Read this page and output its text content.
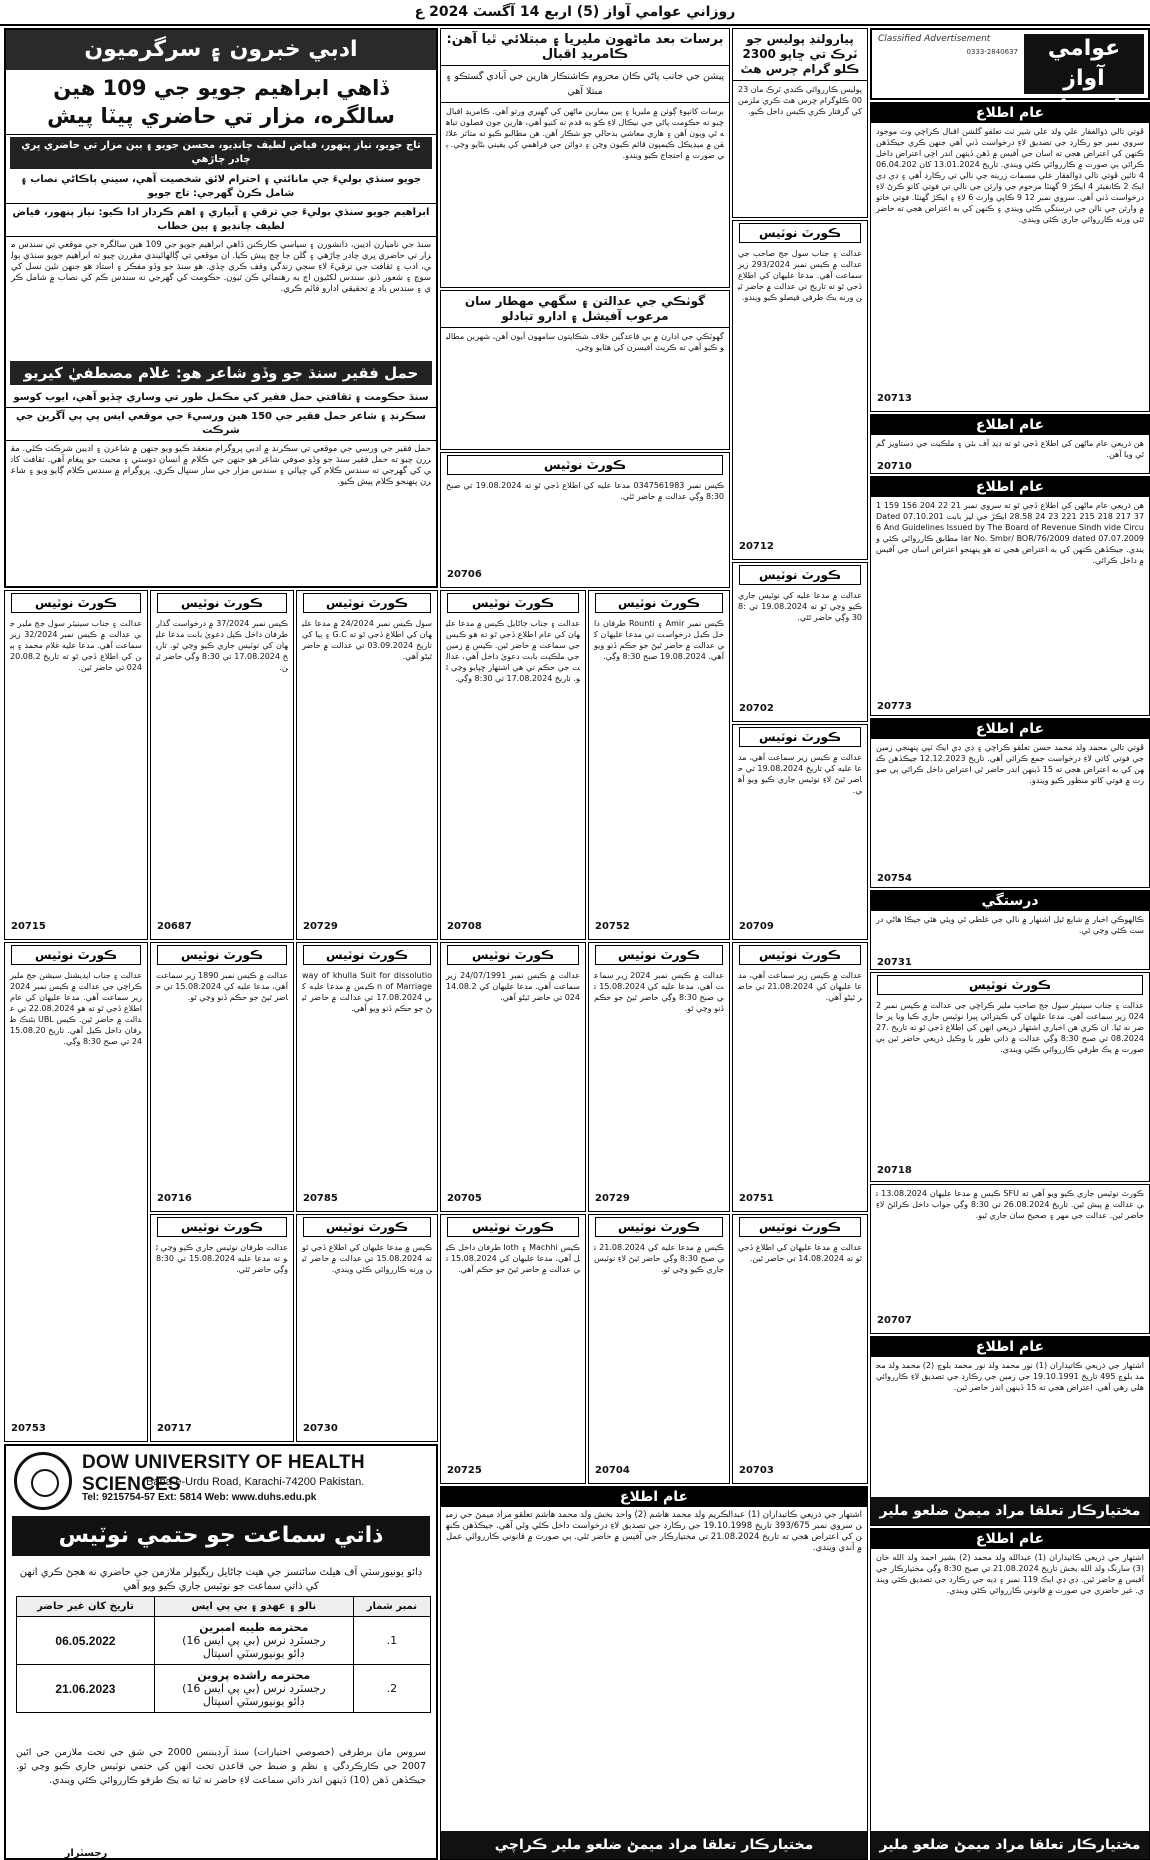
روزاني عوامي آواز (5) اربع 14 آگسٽ 2024 ع
عوامي آواز
Classified Advertisement
0333-2840637
عام اطلاع
ڦوتي تالي ذوالفقار علي ولد علي شير ٺٺ تعلقو گلشن اقبال ڪراچي وٽ موجود سروي نمبر جو رڪارڊ جي تصديق لاءِ درخواست ڏني آهي جنهن ڪري جيڪڏهن ڪنهن کي اعتراض هجي ته اسان جي آفيس ۾ ڏهن ڏينهن اندر اچي اعتراض داخل ڪرائي ٻي صورت ۾ ڪارروائي ڪئي ويندي. تاريخ 13.01.2024 کان 06.04.2024 تائين ڦوتي تالي ذوالفقار علي مسمات زرينه جي نالي تي رڪارڊ آهي ۽ ڊي ڊي ايڪ 2 ڪانفيئر 4 ايڪڙ 9 گهنٽا مرحوم جي وارثن جي نالي تي فوتي کاتو ڪرڻ لاءِ درخواست ڏني آهي. سروي نمبر 12 9 ڪاپي وارث 6 لاءِ ۽ ايڪڙ گهنٽا. فوتي خاتو ۾ وارثن جي نالن جي درستگي ڪئي ويندي ۽ ڪنهن کي به اعتراض هجي ته حاضر ٿئي ورنه ڪارروائي جاري ڪئي ويندي.
20713
عام اطلاع
هن ذريعي عام ماڻهن کي اطلاع ڏجي ٿو ته ڊيڊ آف بئي ۽ ملڪيت جي دستاويز گم ٿي ويا آهن.
20710
عام اطلاع
هن ذريعي عام ماڻهن کي اطلاع ڏجي ٿو ته سروي نمبر 21 22 204 156 159 137 217 218 215 221 23 24 28.58 ايڪڙ جي ليز بابت Dated 07.10.2016 And Guidelines Issued by The Board of Revenue Sindh vide Circular No. Smbr/ BOR/76/2009 dated 07.07.2009 مطابق ڪارروائي ڪئي ويندي. جيڪڏهن ڪنهن کي به اعتراض هجي ته هو پنهنجو اعتراض اسان جي آفيس ۾ داخل ڪرائي.
20773
عام اطلاع
ڦوتي تالي محمد ولد محمد حسن تعلقو ڪراچي ۽ ڊي ڊي ايڪ ٽپي پنهنجي زمين جي فوتي کاتي لاءِ درخواست جمع ڪرائي آهي. تاريخ 12.12.2023 جيڪڏهن ڪنهن کي به اعتراض هجي ته 15 ڏينهن اندر حاضر ٿي اعتراض داخل ڪرائي ٻي صورت ۾ فوتي کاتو منظور ڪيو ويندو.
20754
درستگي
ڪالهوڪي اخبار ۾ شايع ٿيل اشتهار ۾ نالي جي غلطي ٿي ويئي هئي جيڪا هاڻي درست ڪئي وڃي ٿي.
20731
ڪورٽ نوٽيس
عدالت ۽ جناب سينيئر سول جج صاحب ملير ڪراچي جي عدالت ۾ ڪيس نمبر 2024 زير سماعت آهي. مدعا عليهان کي ڪيترائي ڀيرا نوٽيس جاري ڪيا ويا پر حاضر نه ٿيا. ان ڪري هن اخباري اشتهار ذريعي انهن کي اطلاع ڏجي ٿو ته تاريخ 27.08.2024 تي صبح 8:30 وڳي عدالت ۾ ذاتي طور يا وڪيل ذريعي حاضر ٿين ٻي صورت ۾ يڪ طرفي ڪارروائي ڪئي ويندي.
20718
ڪورٽ نوٽيس جاري ڪيو ويو آهي ته SFU ڪيس ۾ مدعا عليهان 13.08.2024 تي عدالت ۾ پيش ٿين. تاريخ 26.08.2024 تي 8:30 وڳي جواب داخل ڪرائڻ لاءِ حاضر ٿين. عدالت جي مهر ۽ صحيح سان جاري ٿيو.
20707
عام اطلاع
اشتهار جي ذريعي ڪاتيداران (1) نور محمد ولد نور محمد بلوچ (2) محمد ولد محمد بلوچ 495 تاريخ 19.10.1991 جي زمين جي رڪارڊ جي تصديق لاءِ ڪارروائي هلي رهي آهي. اعتراض هجي ته 15 ڏينهن اندر حاضر ٿين.
مختيارڪار تعلقا مراد ميمڻ ضلعو ملير
عام اطلاع
اشتهار جي ذريعي ڪاتيداران (1) عبدالله ولد محمد (2) بشير احمد ولد الله خان (3) سارنگ ولد الله بخش تاريخ 21.08.2024 تي صبح 8:30 وڳي مختيارڪار جي آفيس ۾ حاضر ٿين. ڊي ڊي ايڪ 119 نمبر ۽ ڊيه جي رڪارڊ جي تصديق ڪئي ويندي. غير حاضري جي صورت ۾ قانوني ڪارروائي ڪئي ويندي.
مختيارڪار تعلقا مراد ميمڻ ضلعو ملير
ادبي خبرون ۽ سرگرميون
ڏاهي ابراهيم جويو جي 109 هين سالگره، مزار تي حاضري پيٽا پيش
تاج جويو، نياز پنهور، فياض لطيف چانڊيو، محسن جويو ۽ ٻين مزار تي حاضري ڀري چادر چاڙهي
جويو سنڌي ٻوليءَ جي مانائتي ۽ احترام لائق شخصيت آهي، سيني ٻاڪاڻي نصاب ۽ شامل ڪرڻ گهرجي: تاج جويو
ابراهيم جويو سنڌي ٻوليءَ جي ترقي ۽ آبياري ۽ اهم ڪردار ادا ڪيو: نياز پنهور، فياض لطيف چانڊيو ۽ ٻين خطاب
سنڌ جي ناميارن اديبن، دانشورن ۽ سياسي ڪارڪنن ڏاهي ابراهيم جويو جي 109 هين سالگره جي موقعي تي سندس مزار تي حاضري ڀري چادر چاڙهي ۽ گلن جا ڇڄ پيش ڪيا. ان موقعي تي ڳالهائيندي مقررن چيو ته ابراهيم جويو سنڌي ٻولي، ادب ۽ ثقافت جي ترقيءَ لاءِ سڄي زندگي وقف ڪري ڇڏي. هو سنڌ جو وڏو مفڪر ۽ استاد هو جنهن نئين نسل کي سوچ ۽ شعور ڏنو. سندس لکڻيون اڄ به رهنمائي ڪن ٿيون. حڪومت کي گهرجي ته سندس ڪم کي نصاب ۾ شامل ڪري ۽ سندس ياد ۾ تحقيقي ادارو قائم ڪري.
حمل فقير سنڌ جو وڏو شاعر هو: غلام مصطفيٰ کيريو
سنڌ حڪومت ۽ ثقافتي حمل فقير کي مڪمل طور تي وساري ڇڏيو آهي، ايوب کوسو
سڪرنڊ ۽ شاعر حمل فقير جي 150 هين ورسيءَ جي موقعي ايس پي پي آڱرين جي شرڪت
حمل فقير جي ورسي جي موقعي تي سڪرنڊ ۾ ادبي پروگرام منعقد ڪيو ويو جنهن ۾ شاعرن ۽ اديبن شرڪت ڪئي. مقررن چيو ته حمل فقير سنڌ جو وڏو صوفي شاعر هو جنهن جي ڪلام ۾ انسان دوستي ۽ محبت جو پيغام آهي. ثقافت کاتي کي گهرجي ته سندس ڪلام کي ڇپائي ۽ سندس مزار جي سار سنڀال ڪري. پروگرام ۾ سندس ڪلام ڳايو ويو ۽ شاعرن پنهنجو ڪلام پيش ڪيو.
برسات بعد ماڻهون مليريا ۽ مبتلائي ٿيا آهن: ڪامريڊ اقبال
پيشن جي جانب پاڻي ڪان محروم ڪاشتڪار هارين جي آبادي گستڪو ۽ مبتلا آهي
برسات کانپوءِ ڳوٺن ۾ مليريا ۽ ٻين بيمارين ماڻهن کي گهيري ورتو آهي. ڪامريڊ اقبال چيو ته حڪومت پاڻي جي نيڪال لاءِ ڪو به قدم نه کنيو آهي، هارين جون فصلون تباهه ٿي ويون آهن ۽ هاري معاشي بدحالي جو شڪار آهن. هن مطالبو ڪيو ته متاثر علائقن ۾ ميڊيڪل ڪيمپون قائم ڪيون وڃن ۽ دوائن جي فراهمي کي يقيني بڻايو وڃي. ٻي صورت ۾ احتجاج ڪيو ويندو.
پيارولنڊ پوليس جو ٽرڪ تي ڇاپو 2300 ڪلو گرام چرس هٿ
پوليس ڪارروائي ڪندي ٽرڪ مان 2300 ڪلوگرام چرس هٿ ڪري ملزمن کي گرفتار ڪري ڪيس داخل ڪيو.
ڪورٽ نوٽيس
عدالت ۽ جناب سول جج صاحب جي عدالت ۾ ڪيس نمبر 293/2024 زير سماعت آهي. مدعا عليهان کي اطلاع ڏجي ٿو ته تاريخ تي عدالت ۾ حاضر ٿين ورنه يڪ طرفي فيصلو ڪيو ويندو.
20712
گوٺڪي جي عدالتن ۽ سگهي مهطار سان مرعوب آفيشل ۽ ادارو تبادلو
گهوٽڪي جي ادارن ۾ بي قاعدگين خلاف شڪايتون سامهون آيون آهن، شهرين مطالبو ڪيو آهي ته ڪرپٽ آفيسرن کي هٽايو وڃي.
ڪورٽ نوٽيس
ڪيس نمبر 0347561983 مدعا عليه کي اطلاع ڏجي ٿو ته 19.08.2024 تي صبح 8:30 وڳي عدالت ۾ حاضر ٿئي.
20706	ڪورٽ نوٽيس
عدالت ۾ مدعا عليه کي نوٽيس جاري ڪيو وڃي ٿو ته 19.08.2024 تي 8:30 وڳي حاضر ٿئي.
20702
ڪورٽ نوٽيس
عدالت ۽ جناب ڄاڻايل ڪيس ۾ مدعا عليهان کي عام اطلاع ڏجي ٿو ته هو ڪيس جي سماعت ۾ حاضر ٿين. ڪيس ۾ زمين جي ملڪيت بابت دعويٰ داخل آهي، عدالت جي حڪم تي هي اشتهار ڇپايو وڃي ٿو. تاريخ 17.08.2024 تي 8:30 وڳي.
20708
ڪورٽ نوٽيس
ڪيس نمبر Amir ۽ Rounti طرفان داخل ڪيل درخواست تي مدعا عليهان کي عدالت ۾ حاضر ٿيڻ جو حڪم ڏنو ويو آهي. 19.08.2024 صبح 8:30 وڳي.
20752
ڪورٽ نوٽيس
عدالت ۾ ڪيس زير سماعت آهي، مدعا عليه کي تاريخ 19.08.2024 تي حاضر ٿيڻ لاءِ نوٽيس جاري ڪيو ويو آهي.
20709
ڪورٽ نوٽيس
عدالت ۽ جناب سينيئر سول جج ملير جي عدالت ۾ ڪيس نمبر 32/2024 زير سماعت آهي. مدعا عليه غلام محمد ۽ ٻين کي اطلاع ڏجي ٿو ته تاريخ 20.08.2024 تي حاضر ٿين.
20715
ڪورٽ نوٽيس
ڪيس نمبر 37/2024 ۾ درخواست گذار طرفان داخل ڪيل دعويٰ بابت مدعا عليهان کي نوٽيس جاري ڪيو وڃي ٿو. تاريخ 17.08.2024 تي 8:30 وڳي حاضر ٿين.
20687
ڪورٽ نوٽيس
سول ڪيس نمبر 24/2024 ۾ مدعا عليهان کي اطلاع ڏجي ٿو ته G.C ۽ ٻيا کي تاريخ 03.09.2024 تي عدالت ۾ حاضر ٿيڻو آهي.
20729
ڪورٽ نوٽيس
عدالت ۽ جناب ايڊيشنل سيشن جج ملير ڪراچي جي عدالت ۾ ڪيس نمبر 2024 زير سماعت آهي. مدعا عليهان کي عام اطلاع ڏجي ٿو ته هو 22.08.2024 تي عدالت ۾ حاضر ٿين. ڪيس UBL بئنڪ طرفان داخل ڪيل آهي. تاريخ 15.08.2024 تي صبح 8:30 وڳي.
20753
ڪورٽ نوٽيس
عدالت ۾ ڪيس نمبر 1890 زير سماعت آهي، مدعا عليه کي 15.08.2024 تي حاضر ٿيڻ جو حڪم ڏنو وڃي ٿو.
20716
ڪورٽ نوٽيس
way of khulla Suit for dissolution of Marriage ڪيس ۾ مدعا عليه کي 17.08.2024 تي عدالت ۾ حاضر ٿيڻ جو حڪم ڏنو ويو آهي.
20785
ڪورٽ نوٽيس
عدالت طرفان نوٽيس جاري ڪيو وڃي ٿو ته مدعا عليه 15.08.2024 تي 8:30 وڳي حاضر ٿئي.
20717
ڪورٽ نوٽيس
ڪيس ۾ مدعا عليهان کي اطلاع ڏجي ٿو ته 15.08.2024 تي عدالت ۾ حاضر ٿين ورنه ڪارروائي ڪئي ويندي.
20730
ڪورٽ نوٽيس
عدالت ۾ ڪيس نمبر 24/07/1991 زير سماعت آهي. مدعا عليهان کي 14.08.2024 تي حاضر ٿيڻو آهي.
20705
ڪورٽ نوٽيس
عدالت ۾ ڪيس نمبر 2024 زير سماعت آهي، مدعا عليه کي 15.08.2024 تي صبح 8:30 وڳي حاضر ٿيڻ جو حڪم ڏنو وڃي ٿو.
20729
ڪورٽ نوٽيس
عدالت ۾ ڪيس زير سماعت آهي، مدعا عليهان کي 21.08.2024 تي حاضر ٿيڻو آهي.
20751
ڪورٽ نوٽيس
ڪيس Machhi ۽ Ioth طرفان داخل ڪيل آهي. مدعا عليهان کي 15.08.2024 تي عدالت ۾ حاضر ٿيڻ جو حڪم آهي.
20725
ڪورٽ نوٽيس
ڪيس ۾ مدعا عليه کي 21.08.2024 تي صبح 8:30 وڳي حاضر ٿيڻ لاءِ نوٽيس جاري ڪيو وڃي ٿو.
20704
ڪورٽ نوٽيس
عدالت ۾ مدعا عليهان کي اطلاع ڏجي ٿو ته 14.08.2024 تي حاضر ٿين.
20703
عام اطلاع
اشتهار جي ذريعي ڪاتيداران (1) عبدالڪريم ولد محمد هاشم (2) واحد بخش ولد محمد هاشم تعلقو مراد ميمڻ جي زمين سروي نمبر 393/675 تاريخ 19.10.1998 جي رڪارڊ جي تصديق لاءِ درخواست داخل ڪئي وئي آهي. جيڪڏهن ڪنهن کي اعتراض هجي ته تاريخ 21.08.2024 تي مختيارڪار جي آفيس ۾ حاضر ٿئي. ٻي صورت ۾ قانوني ڪارروائي عمل ۾ آندي ويندي.
مختيارڪار تعلقا مراد ميمڻ ضلعو ملير ڪراچي
DOW UNIVERSITY OF HEALTH SCIENCES
Baba-e-Urdu Road, Karachi-74200 Pakistan.
Tel: 9215754-57 Ext: 5814 Web: www.duhs.edu.pk
ذاتي سماعت جو حتمي نوٽيس
ڊائو يونيورسٽي آف هيلٿ سائنسز جي هيٺ ڄاڻايل ريگيولر ملازمن جي حاضري نه هجڻ ڪري انهن کي ذاتي سماعت جو نوٽيس جاري ڪيو ويو آهي
نمبر شمار	نالو ۽ عهدو ۽ بي پي ايس	تاريخ کان غير حاضر
1.	محترمه طيبه امبرين
رجسٽرڊ نرس (بي پي ايس 16)
ڊائو يونيورسٽي اسپتال	06.05.2022
2.	محترمه راشده پروين
رجسٽرڊ نرس (بي پي ايس 16)
ڊائو يونيورسٽي اسپتال	21.06.2023
سروس مان برطرفي (خصوصي اختيارات) سنڌ آرڊيننس 2000 جي شق جي تحت ملازمن جي ائين 2007 جي ڪارڪردگي ۽ نظم و ضبط جي قاعدن تحت انهن کي حتمي نوٽيس جاري ڪيو وڃي ٿو. جيڪڏهن ڏهن (10) ڏينهن اندر ذاتي سماعت لاءِ حاضر نه ٿيا ته يڪ طرفو ڪارروائي ڪئي ويندي.
رجسٽرار
